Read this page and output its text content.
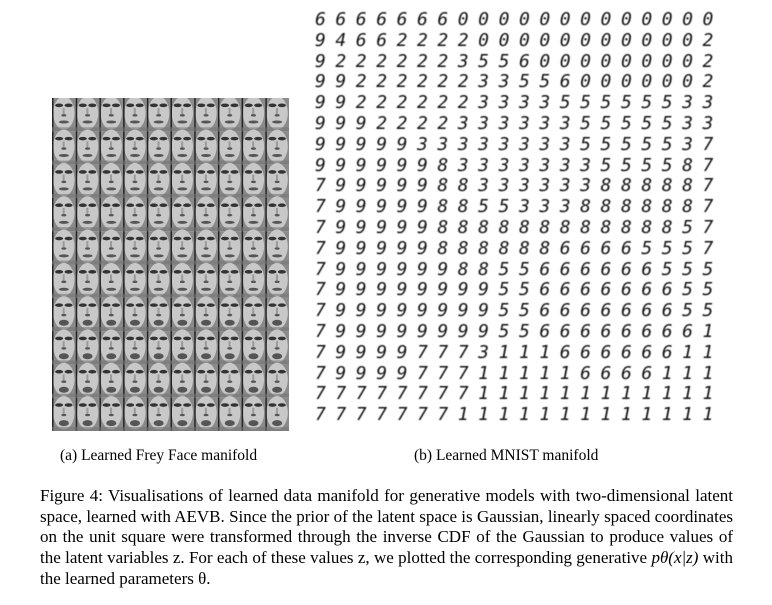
66666660000000000000
94662222000000000002
92222223556000000002
99222222335560000002
99222222333355555533
99922223333335555533
99999333333335555537
99999983333333555587
79999988333333888887
79999988553338888887
79999988888888888857
79999988888866665557
79999998855666666555
79999999955666666655
79999999955666666655
79999999955666666661
79999777311166666611
79999777111116666111
77777777111111111111
77777771111111111111
(a) Learned Frey Face manifold	(b) Learned MNIST manifold
Figure 4: Visualisations of learned data manifold for generative models with two-dimensional latent space, learned with AEVB. Since the prior of the latent space is Gaussian, linearly spaced coordinates on the unit square were transformed through the inverse CDF of the Gaussian to produce values of the latent variables z. For each of these values z, we plotted the corresponding generative pθ(x|z) with the learned parameters θ.
